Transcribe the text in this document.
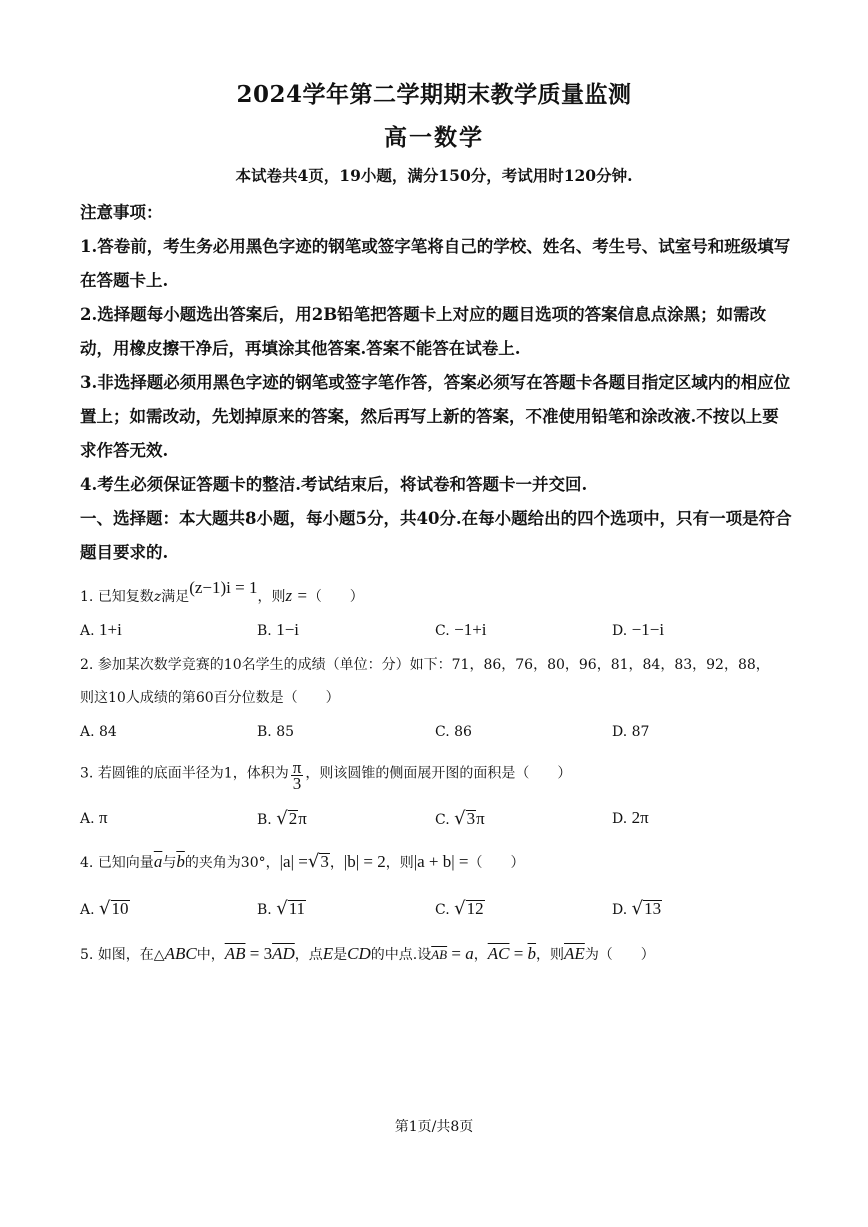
2024学年第二学期期末教学质量监测
高一数学
本试卷共4页，19小题，满分150分，考试用时120分钟.
注意事项：
1.答卷前，考生务必用黑色字迹的钢笔或签字笔将自己的学校、姓名、考生号、试室号和班级填写在答题卡上.
2.选择题每小题选出答案后，用2B铅笔把答题卡上对应的题目选项的答案信息点涂黑；如需改动，用橡皮擦干净后，再填涂其他答案.答案不能答在试卷上.
3.非选择题必须用黑色字迹的钢笔或签字笔作答，答案必须写在答题卡各题目指定区域内的相应位置上；如需改动，先划掉原来的答案，然后再写上新的答案，不准使用铅笔和涂改液.不按以上要求作答无效.
4.考生必须保证答题卡的整洁.考试结束后，将试卷和答题卡一并交回.
一、选择题：本大题共8小题，每小题5分，共40分.在每小题给出的四个选项中，只有一项是符合题目要求的.
1. 已知复数z满足(z−1)i = 1，则z =（　　）
A. 1+i	B. 1−i	C. −1+i	D. −1−i
2. 参加某次数学竞赛的10名学生的成绩（单位：分）如下：71，86，76，80，96，81，84，83，92，88，
则这10人成绩的第60百分位数是（　　）
A. 84	B. 85	C. 86	D. 87
3. 若圆锥的底面半径为1，体积为 $\frac{\pi}{3}$ ，则该圆锥的侧面展开图的面积是（　　）
A. π	B. √2π	C. √3π	D. 2π
4. 已知向量$\overline{a}$与$\overline{b}$的夹角为30°，|a| =√3，|b| = 2，则|a + b| =（　　）
A. √10	B. √11	C. √12	D. √13
5. 如图，在△ABC中，$\overline{AB} = 3\overline{AD}$，点E是CD的中点.设$\overline{AB} = a$，$\overline{AC} = \overline{b}$，则$\overline{AE}$为（　　）
第1页/共8页
